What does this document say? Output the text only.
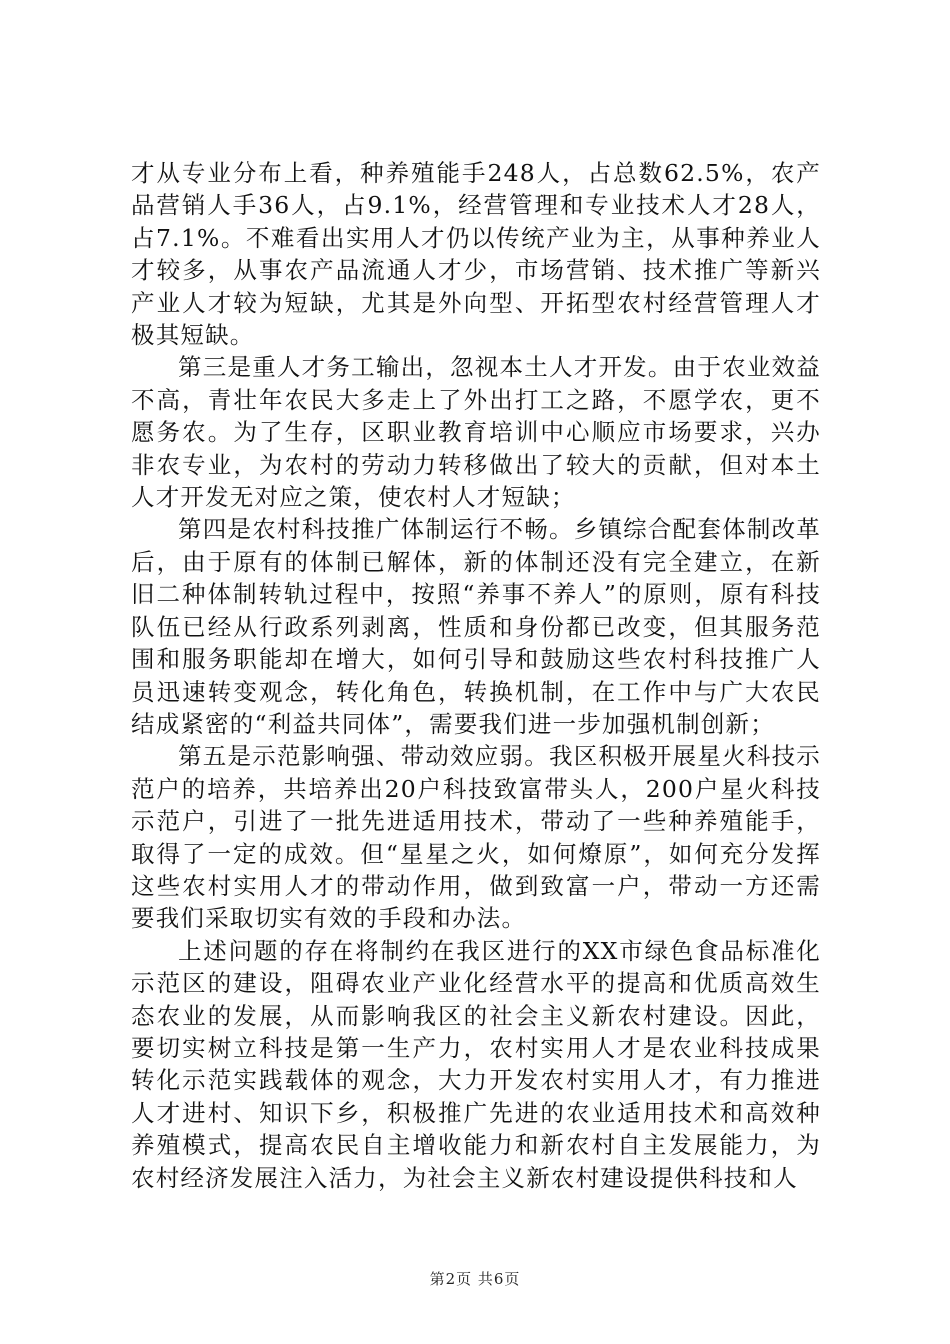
才从专业分布上看，种养殖能手248人，占总数62.5%，农产品营销人手36人，占9.1%，经营管理和专业技术人才28人，占7.1%。不难看出实用人才仍以传统产业为主，从事种养业人才较多，从事农产品流通人才少，市场营销、技术推广等新兴产业人才较为短缺，尤其是外向型、开拓型农村经营管理人才极其短缺。

第三是重人才务工输出，忽视本土人才开发。由于农业效益不高，青壮年农民大多走上了外出打工之路，不愿学农，更不愿务农。为了生存，区职业教育培训中心顺应市场要求，兴办非农专业，为农村的劳动力转移做出了较大的贡献，但对本土人才开发无对应之策，使农村人才短缺；

第四是农村科技推广体制运行不畅。乡镇综合配套体制改革后，由于原有的体制已解体，新的体制还没有完全建立，在新旧二种体制转轨过程中，按照“养事不养人”的原则，原有科技队伍已经从行政系列剥离，性质和身份都已改变，但其服务范围和服务职能却在增大，如何引导和鼓励这些农村科技推广人员迅速转变观念，转化角色，转换机制，在工作中与广大农民结成紧密的“利益共同体”，需要我们进一步加强机制创新；

第五是示范影响强、带动效应弱。我区积极开展星火科技示范户的培养，共培养出20户科技致富带头人，200户星火科技示范户，引进了一批先进适用技术，带动了一些种养殖能手，取得了一定的成效。但“星星之火，如何燎原”，如何充分发挥这些农村实用人才的带动作用，做到致富一户，带动一方还需要我们采取切实有效的手段和办法。

上述问题的存在将制约在我区进行的XX市绿色食品标准化示范区的建设，阻碍农业产业化经营水平的提高和优质高效生态农业的发展，从而影响我区的社会主义新农村建设。因此，要切实树立科技是第一生产力，农村实用人才是农业科技成果转化示范实践载体的观念，大力开发农村实用人才，有力推进人才进村、知识下乡，积极推广先进的农业适用技术和高效种养殖模式，提高农民自主增收能力和新农村自主发展能力，为农村经济发展注入活力，为社会主义新农村建设提供科技和人

第2页 共6页
